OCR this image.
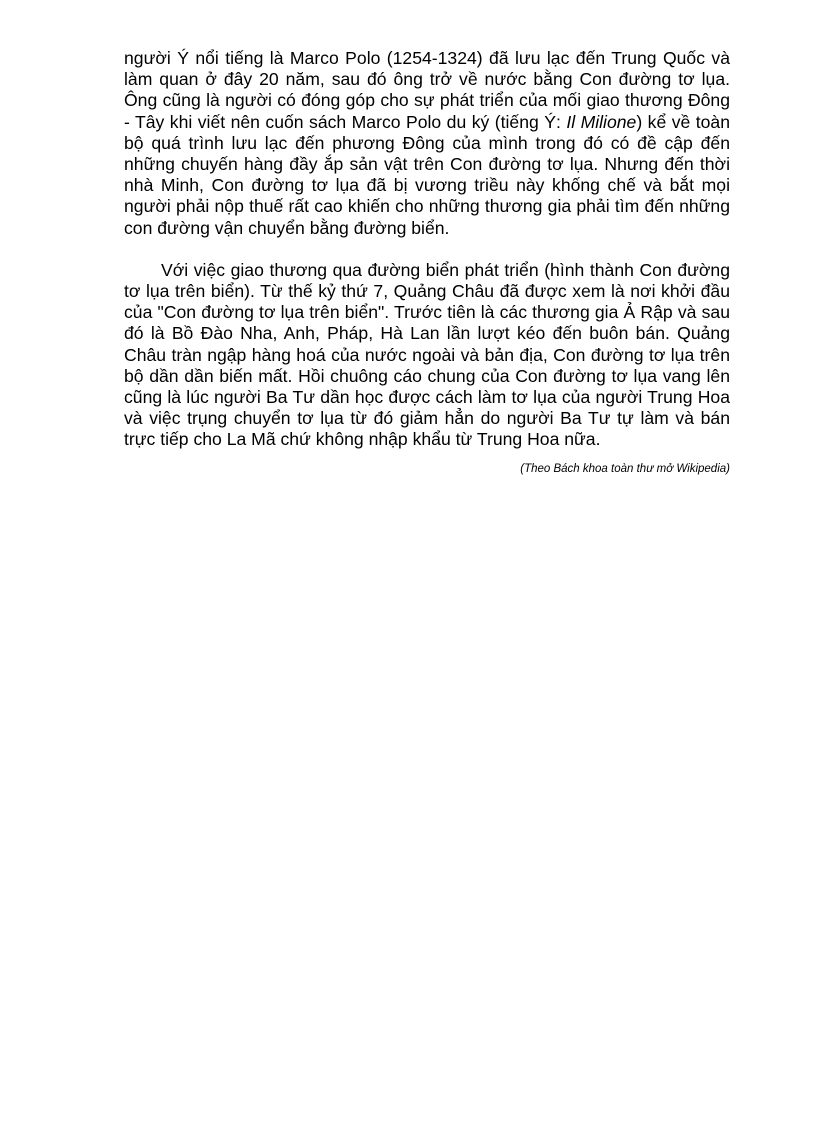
người Ý nổi tiếng là Marco Polo (1254-1324) đã lưu lạc đến Trung Quốc và làm quan ở đây 20 năm, sau đó ông trở về nước bằng Con đường tơ lụa. Ông cũng là người có đóng góp cho sự phát triển của mối giao thương Đông - Tây khi viết nên cuốn sách Marco Polo du ký (tiếng Ý: Il Milione) kể về toàn bộ quá trình lưu lạc đến phương Đông của mình trong đó có đề cập đến những chuyến hàng đầy ắp sản vật trên Con đường tơ lụa. Nhưng đến thời nhà Minh, Con đường tơ lụa đã bị vương triều này khống chế và bắt mọi người phải nộp thuế rất cao khiến cho những thương gia phải tìm đến những con đường vận chuyển bằng đường biển.

Với việc giao thương qua đường biển phát triển (hình thành Con đường tơ lụa trên biển). Từ thế kỷ thứ 7, Quảng Châu đã được xem là nơi khởi đầu của "Con đường tơ lụa trên biển". Trước tiên là các thương gia Ả Rập và sau đó là Bồ Đào Nha, Anh, Pháp, Hà Lan lần lượt kéo đến buôn bán. Quảng Châu tràn ngập hàng hoá của nước ngoài và bản địa, Con đường tơ lụa trên bộ dần dần biến mất. Hồi chuông cáo chung của Con đường tơ lụa vang lên cũng là lúc người Ba Tư dần học được cách làm tơ lụa của người Trung Hoa và việc trụng chuyển tơ lụa từ đó giảm hẳn do người Ba Tư tự làm và bán trực tiếp cho La Mã chứ không nhập khẩu từ Trung Hoa nữa.

(Theo Bách khoa toàn thư mở Wikipedia)
